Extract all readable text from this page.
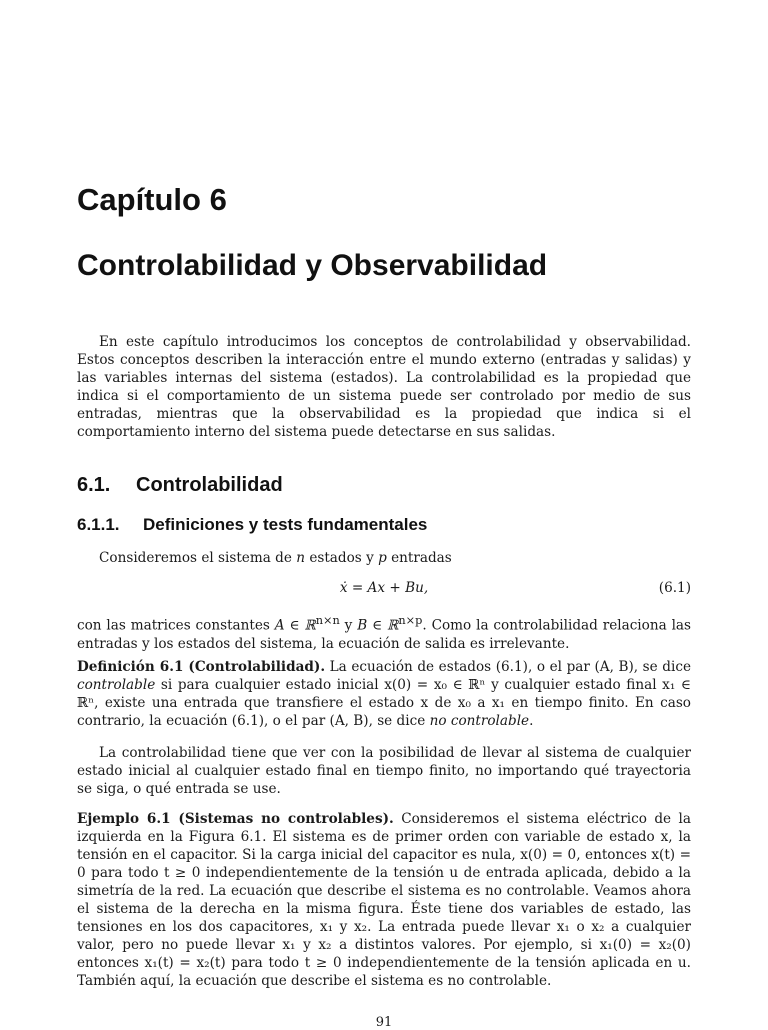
Capítulo 6
Controlabilidad y Observabilidad

En este capítulo introducimos los conceptos de controlabilidad y observabilidad. Estos conceptos describen la interacción entre el mundo externo (entradas y salidas) y las variables internas del sistema (estados). La controlabilidad es la propiedad que indica si el comportamiento de un sistema puede ser controlado por medio de sus entradas, mientras que la observabilidad es la propiedad que indica si el comportamiento interno del sistema puede detectarse en sus salidas.

6.1. Controlabilidad
6.1.1. Definiciones y tests fundamentales

Consideremos el sistema de n estados y p entradas

ẋ = Ax + Bu,	(6.1)

con las matrices constantes A ∈ ℝ$^{n\times n}$ y B ∈ ℝ$^{n\times p}$. Como la controlabilidad relaciona las entradas y los estados del sistema, la ecuación de salida es irrelevante.

Definición 6.1 (Controlabilidad). La ecuación de estados (6.1), o el par (A, B), se dice controlable si para cualquier estado inicial x(0) = x₀ ∈ ℝⁿ y cualquier estado final x₁ ∈ ℝⁿ, existe una entrada que transfiere el estado x de x₀ a x₁ en tiempo finito. En caso contrario, la ecuación (6.1), o el par (A, B), se dice no controlable.

La controlabilidad tiene que ver con la posibilidad de llevar al sistema de cualquier estado inicial al cualquier estado final en tiempo finito, no importando qué trayectoria se siga, o qué entrada se use.

Ejemplo 6.1 (Sistemas no controlables). Consideremos el sistema eléctrico de la izquierda en la Figura 6.1. El sistema es de primer orden con variable de estado x, la tensión en el capacitor. Si la carga inicial del capacitor es nula, x(0) = 0, entonces x(t) = 0 para todo t ≥ 0 independientemente de la tensión u de entrada aplicada, debido a la simetría de la red. La ecuación que describe el sistema es no controlable. Veamos ahora el sistema de la derecha en la misma figura. Éste tiene dos variables de estado, las tensiones en los dos capacitores, x₁ y x₂. La entrada puede llevar x₁ o x₂ a cualquier valor, pero no puede llevar x₁ y x₂ a distintos valores. Por ejemplo, si x₁(0) = x₂(0) entonces x₁(t) = x₂(t) para todo t ≥ 0 independientemente de la tensión aplicada en u. También aquí, la ecuación que describe el sistema es no controlable.

91
